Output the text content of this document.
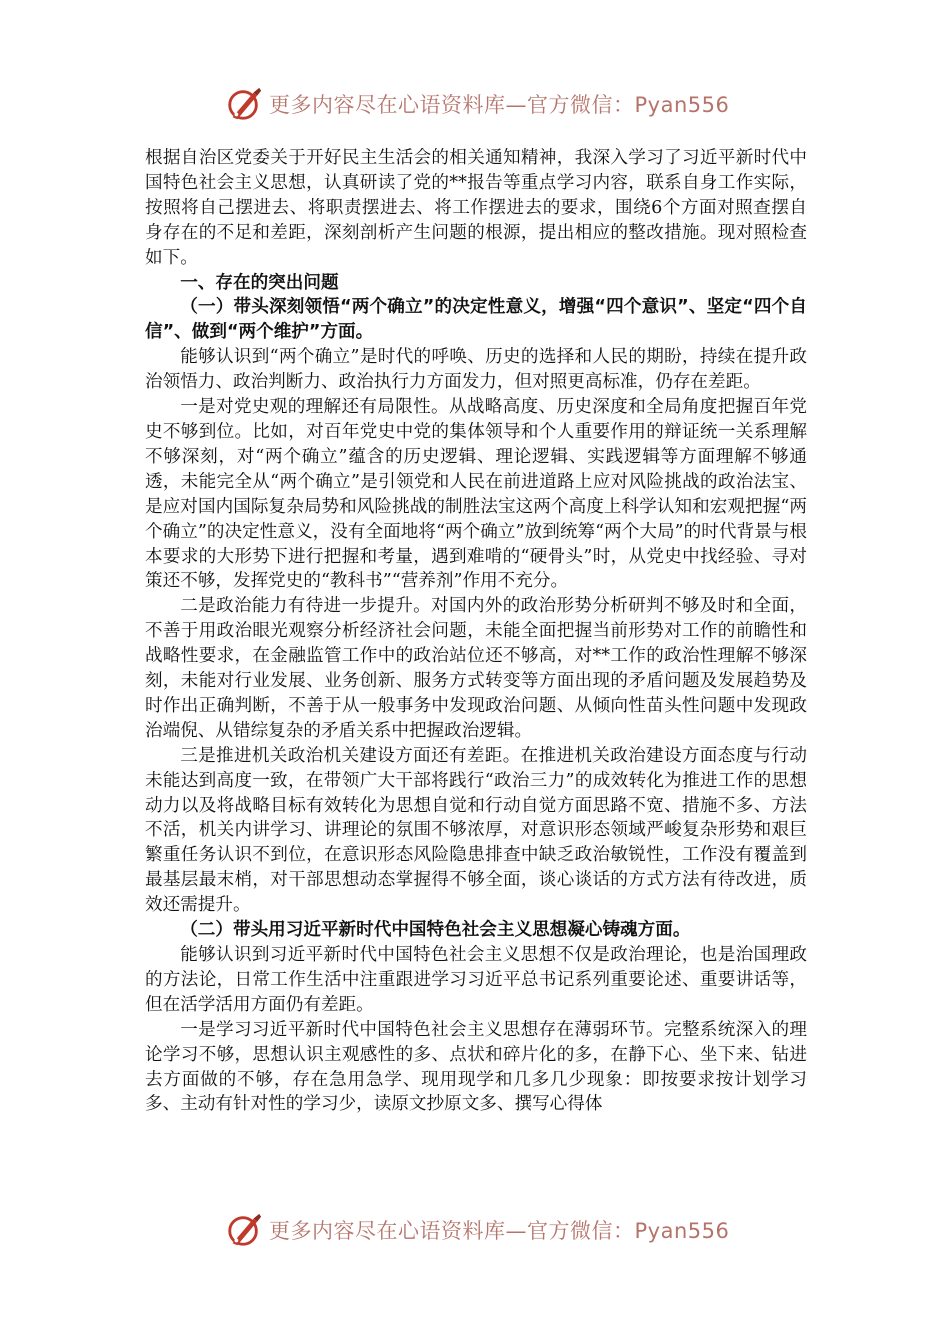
更多内容尽在心语资料库—官方微信：Pyan556

根据自治区党委关于开好民主生活会的相关通知精神，我深入学习了习近平新时代中国特色社会主义思想，认真研读了党的**报告等重点学习内容，联系自身工作实际，按照将自己摆进去、将职责摆进去、将工作摆进去的要求，围绕6个方面对照查摆自身存在的不足和差距，深刻剖析产生问题的根源，提出相应的整改措施。现对照检查如下。

一、存在的突出问题

（一）带头深刻领悟“两个确立”的决定性意义，增强“四个意识”、坚定“四个自信”、做到“两个维护”方面。

能够认识到“两个确立”是时代的呼唤、历史的选择和人民的期盼，持续在提升政治领悟力、政治判断力、政治执行力方面发力，但对照更高标准，仍存在差距。

一是对党史观的理解还有局限性。从战略高度、历史深度和全局角度把握百年党史不够到位。比如，对百年党史中党的集体领导和个人重要作用的辩证统一关系理解不够深刻，对“两个确立”蕴含的历史逻辑、理论逻辑、实践逻辑等方面理解不够通透，未能完全从“两个确立”是引领党和人民在前进道路上应对风险挑战的政治法宝、是应对国内国际复杂局势和风险挑战的制胜法宝这两个高度上科学认知和宏观把握“两个确立”的决定性意义，没有全面地将“两个确立”放到统筹“两个大局”的时代背景与根本要求的大形势下进行把握和考量，遇到难啃的“硬骨头”时，从党史中找经验、寻对策还不够，发挥党史的“教科书”“营养剂”作用不充分。

二是政治能力有待进一步提升。对国内外的政治形势分析研判不够及时和全面，不善于用政治眼光观察分析经济社会问题，未能全面把握当前形势对工作的前瞻性和战略性要求，在金融监管工作中的政治站位还不够高，对**工作的政治性理解不够深刻，未能对行业发展、业务创新、服务方式转变等方面出现的矛盾问题及发展趋势及时作出正确判断，不善于从一般事务中发现政治问题、从倾向性苗头性问题中发现政治端倪、从错综复杂的矛盾关系中把握政治逻辑。

三是推进机关政治机关建设方面还有差距。在推进机关政治建设方面态度与行动未能达到高度一致，在带领广大干部将践行“政治三力”的成效转化为推进工作的思想动力以及将战略目标有效转化为思想自觉和行动自觉方面思路不宽、措施不多、方法不活，机关内讲学习、讲理论的氛围不够浓厚，对意识形态领域严峻复杂形势和艰巨繁重任务认识不到位，在意识形态风险隐患排查中缺乏政治敏锐性，工作没有覆盖到最基层最末梢，对干部思想动态掌握得不够全面，谈心谈话的方式方法有待改进，质效还需提升。

（二）带头用习近平新时代中国特色社会主义思想凝心铸魂方面。

能够认识到习近平新时代中国特色社会主义思想不仅是政治理论，也是治国理政的方法论，日常工作生活中注重跟进学习习近平总书记系列重要论述、重要讲话等，但在活学活用方面仍有差距。

一是学习习近平新时代中国特色社会主义思想存在薄弱环节。完整系统深入的理论学习不够，思想认识主观感性的多、点状和碎片化的多，在静下心、坐下来、钻进去方面做的不够，存在急用急学、现用现学和几多几少现象：即按要求按计划学习多、主动有针对性的学习少，读原文抄原文多、撰写心得体

更多内容尽在心语资料库—官方微信：Pyan556
